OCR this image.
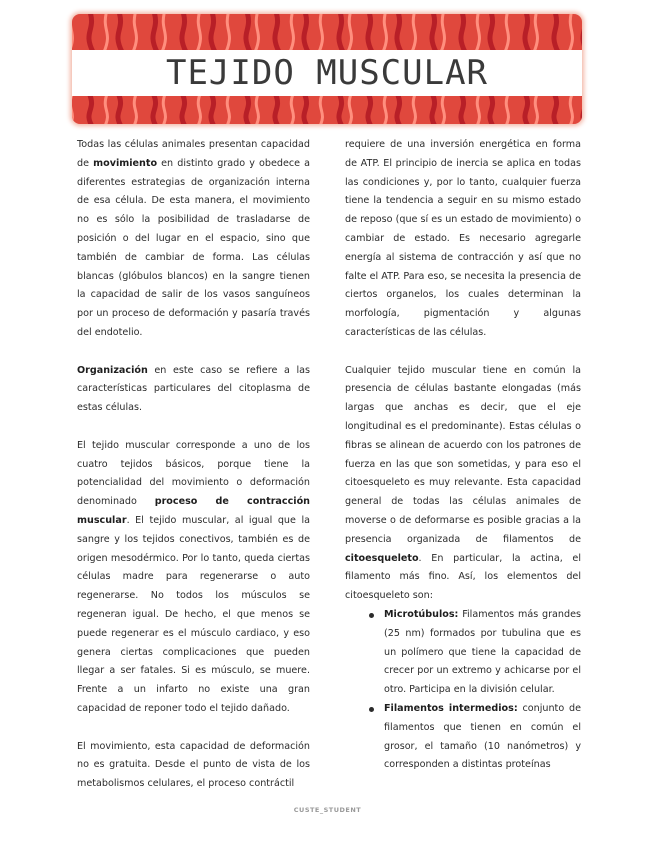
TEJIDO MUSCULAR

Todas las células animales presentan capacidad de movimiento en distinto grado y obedece a diferentes estrategias de organización interna de esa célula. De esta manera, el movimiento no es sólo la posibilidad de trasladarse de posición o del lugar en el espacio, sino que también de cambiar de forma. Las células blancas (glóbulos blancos) en la sangre tienen la capacidad de salir de los vasos sanguíneos por un proceso de deformación y pasaría través del endotelio.

Organización en este caso se refiere a las características particulares del citoplasma de estas células.

El tejido muscular corresponde a uno de los cuatro tejidos básicos, porque tiene la potencialidad del movimiento o deformación denominado proceso de contracción muscular. El tejido muscular, al igual que la sangre y los tejidos conectivos, también es de origen mesodérmico. Por lo tanto, queda ciertas células madre para regenerarse o auto regenerarse. No todos los músculos se regeneran igual. De hecho, el que menos se puede regenerar es el músculo cardiaco, y eso genera ciertas complicaciones que pueden llegar a ser fatales. Si es músculo, se muere. Frente a un infarto no existe una gran capacidad de reponer todo el tejido dañado.

El movimiento, esta capacidad de deformación no es gratuita. Desde el punto de vista de los metabolismos celulares, el proceso contráctil

requiere de una inversión energética en forma de ATP. El principio de inercia se aplica en todas las condiciones y, por lo tanto, cualquier fuerza tiene la tendencia a seguir en su mismo estado de reposo (que sí es un estado de movimiento) o cambiar de estado. Es necesario agregarle energía al sistema de contracción y así que no falte el ATP. Para eso, se necesita la presencia de ciertos organelos, los cuales determinan la morfología, pigmentación y algunas características de las células.

Cualquier tejido muscular tiene en común la presencia de células bastante elongadas (más largas que anchas es decir, que el eje longitudinal es el predominante). Estas células o fibras se alinean de acuerdo con los patrones de fuerza en las que son sometidas, y para eso el citoesqueleto es muy relevante. Esta capacidad general de todas las células animales de moverse o de deformarse es posible gracias a la presencia organizada de filamentos de citoesqueleto. En particular, la actina, el filamento más fino. Así, los elementos del citoesqueleto son:

Microtúbulos: Filamentos más grandes (25 nm) formados por tubulina que es un polímero que tiene la capacidad de crecer por un extremo y achicarse por el otro. Participa en la división celular.
Filamentos intermedios: conjunto de filamentos que tienen en común el grosor, el tamaño (10 nanómetros) y corresponden a distintas proteínas
CUSTE_STUDENT
